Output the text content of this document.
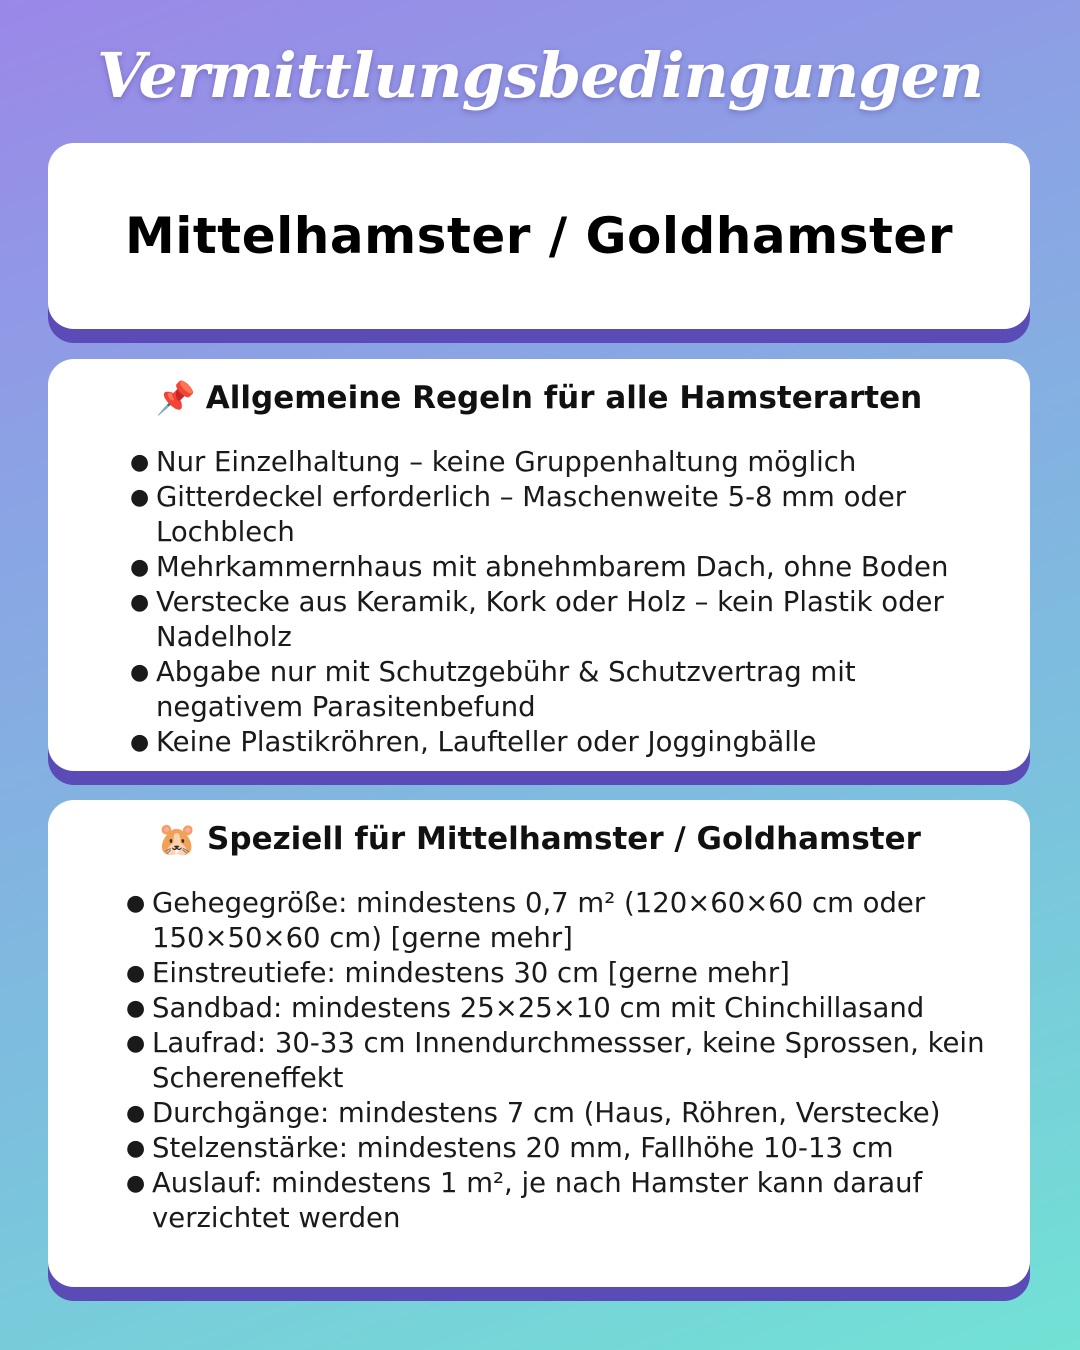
Vermittlungsbedingungen
Mittelhamster / Goldhamster
📌 Allgemeine Regeln für alle Hamsterarten
● Nur Einzelhaltung – keine Gruppenhaltung möglich
● Gitterdeckel erforderlich – Maschenweite 5-8 mm oder Lochblech
● Mehrkammernhaus mit abnehmbarem Dach, ohne Boden
● Verstecke aus Keramik, Kork oder Holz – kein Plastik oder Nadelholz
● Abgabe nur mit Schutzgebühr & Schutzvertrag mit negativem Parasitenbefund
● Keine Plastikröhren, Laufteller oder Joggingbälle
🐹 Speziell für Mittelhamster / Goldhamster
● Gehegegröße: mindestens 0,7 m² (120×60×60 cm oder 150×50×60 cm) [gerne mehr]
● Einstreutiefe: mindestens 30 cm [gerne mehr]
● Sandbad: mindestens 25×25×10 cm mit Chinchillasand
● Laufrad: 30-33 cm Innendurchmessser, keine Sprossen, kein Schereneffekt
● Durchgänge: mindestens 7 cm (Haus, Röhren, Verstecke)
● Stelzenstärke: mindestens 20 mm, Fallhöhe 10-13 cm
● Auslauf: mindestens 1 m², je nach Hamster kann darauf verzichtet werden
